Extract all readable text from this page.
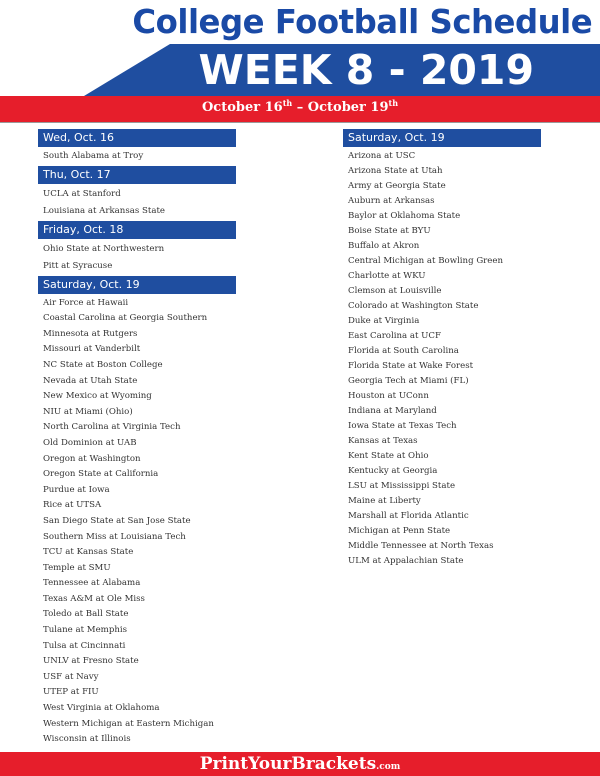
College Football Schedule
WEEK 8 - 2019
October 16th – October 19th
Wed, Oct. 16
South Alabama at Troy
Thu, Oct. 17
UCLA at Stanford
Louisiana at Arkansas State
Friday, Oct. 18
Ohio State at Northwestern
Pitt at Syracuse
Saturday, Oct. 19
Air Force at Hawaii
Coastal Carolina at Georgia Southern
Minnesota at Rutgers
Missouri at Vanderbilt
NC State at Boston College
Nevada at Utah State
New Mexico at Wyoming
NIU at Miami (Ohio)
North Carolina at Virginia Tech
Old Dominion at UAB
Oregon at Washington
Oregon State at California
Purdue at Iowa
Rice at UTSA
San Diego State at San Jose State
Southern Miss at Louisiana Tech
TCU at Kansas State
Temple at SMU
Tennessee at Alabama
Texas A&M at Ole Miss
Toledo at Ball State
Tulane at Memphis
Tulsa at Cincinnati
UNLV at Fresno State
USF at Navy
UTEP at FIU
West Virginia at Oklahoma
Western Michigan at Eastern Michigan
Wisconsin at Illinois
Saturday, Oct. 19
Arizona at USC
Arizona State at Utah
Army at Georgia State
Auburn at Arkansas
Baylor at Oklahoma State
Boise State at BYU
Buffalo at Akron
Central Michigan at Bowling Green
Charlotte at WKU
Clemson at Louisville
Colorado at Washington State
Duke at Virginia
East Carolina at UCF
Florida at South Carolina
Florida State at Wake Forest
Georgia Tech at Miami (FL)
Houston at UConn
Indiana at Maryland
Iowa State at Texas Tech
Kansas at Texas
Kent State at Ohio
Kentucky at Georgia
LSU at Mississippi State
Maine at Liberty
Marshall at Florida Atlantic
Michigan at Penn State
Middle Tennessee at North Texas
ULM at Appalachian State
PrintYourBrackets.com
